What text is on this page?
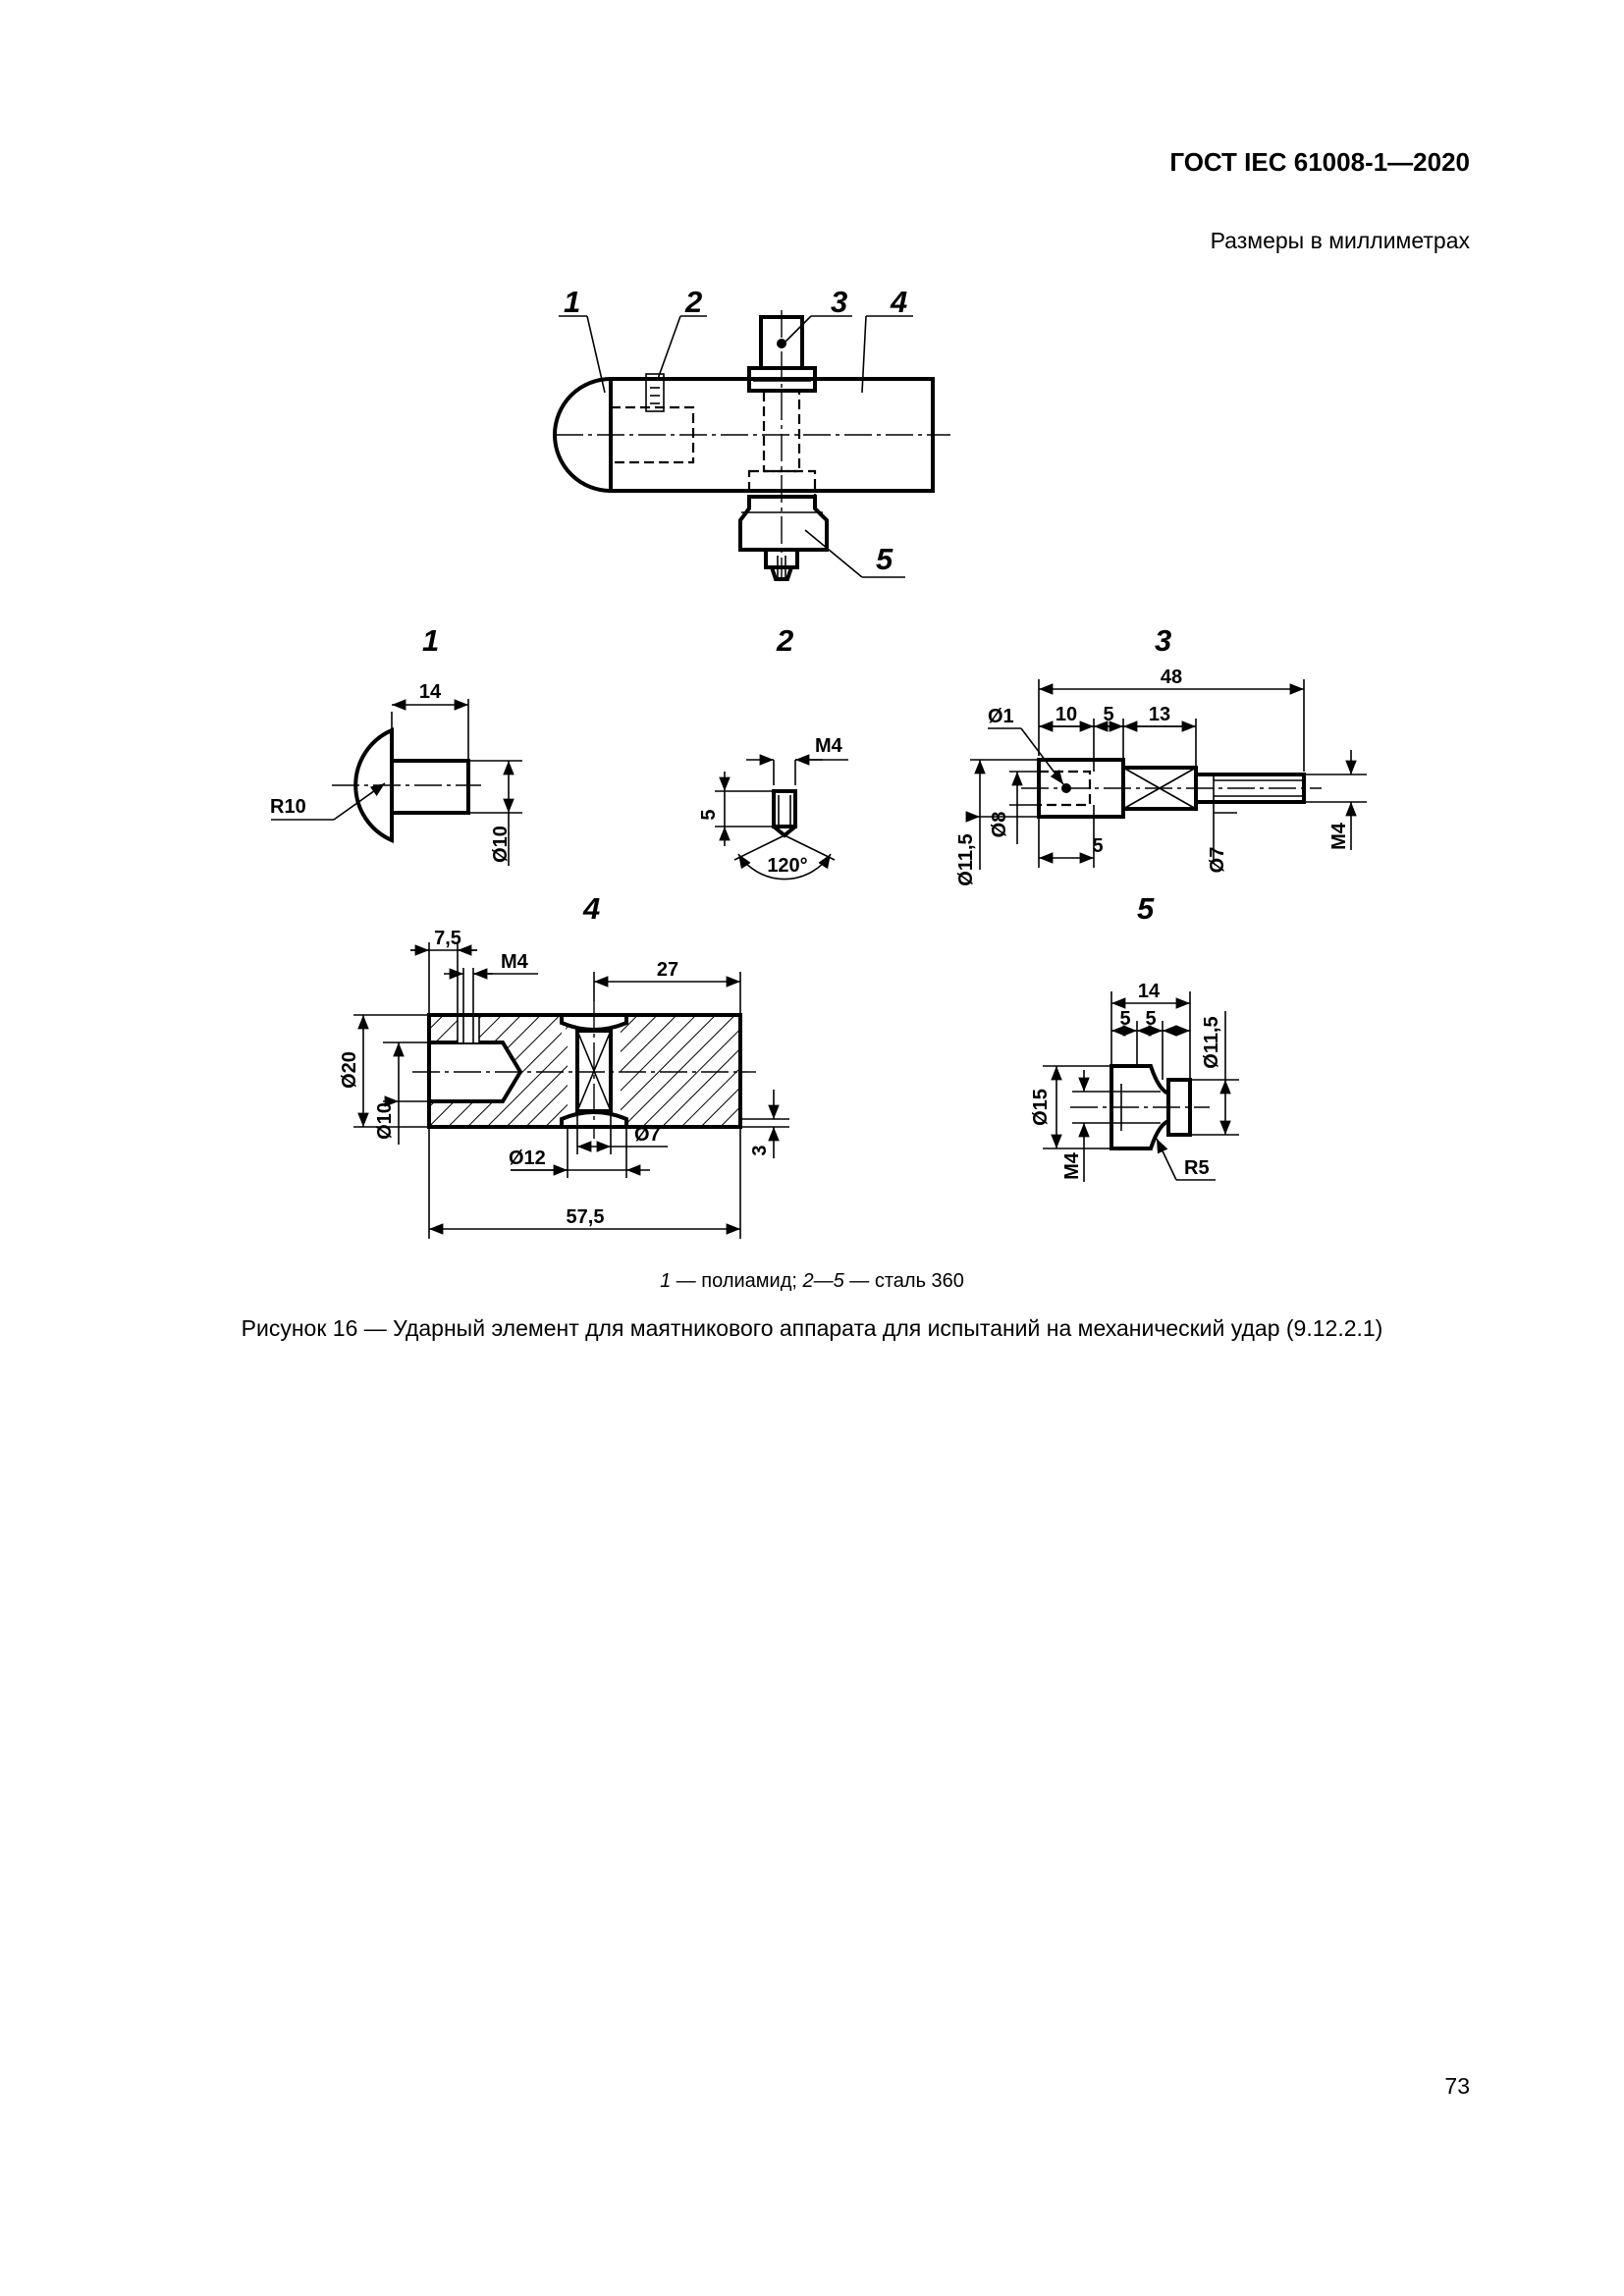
ГОСТ IEC 61008-1—2020
Размеры в миллиметрах
1	2	3 4
5
1
14
Ø10
R10
2
M4
5
120°
3
48
10 5 13
Ø1
Ø11,5
Ø8
5
Ø7
M4
4
7,5
M4	27
Ø20
Ø10
Ø12
Ø7
3
57,5
5
14
5 5 Ø11,5
Ø15
M4	R5
1 — полиамид; 2—5 — сталь 360
Рисунок 16 — Ударный элемент для маятникового аппарата для испытаний на механический удар (9.12.2.1)
73
